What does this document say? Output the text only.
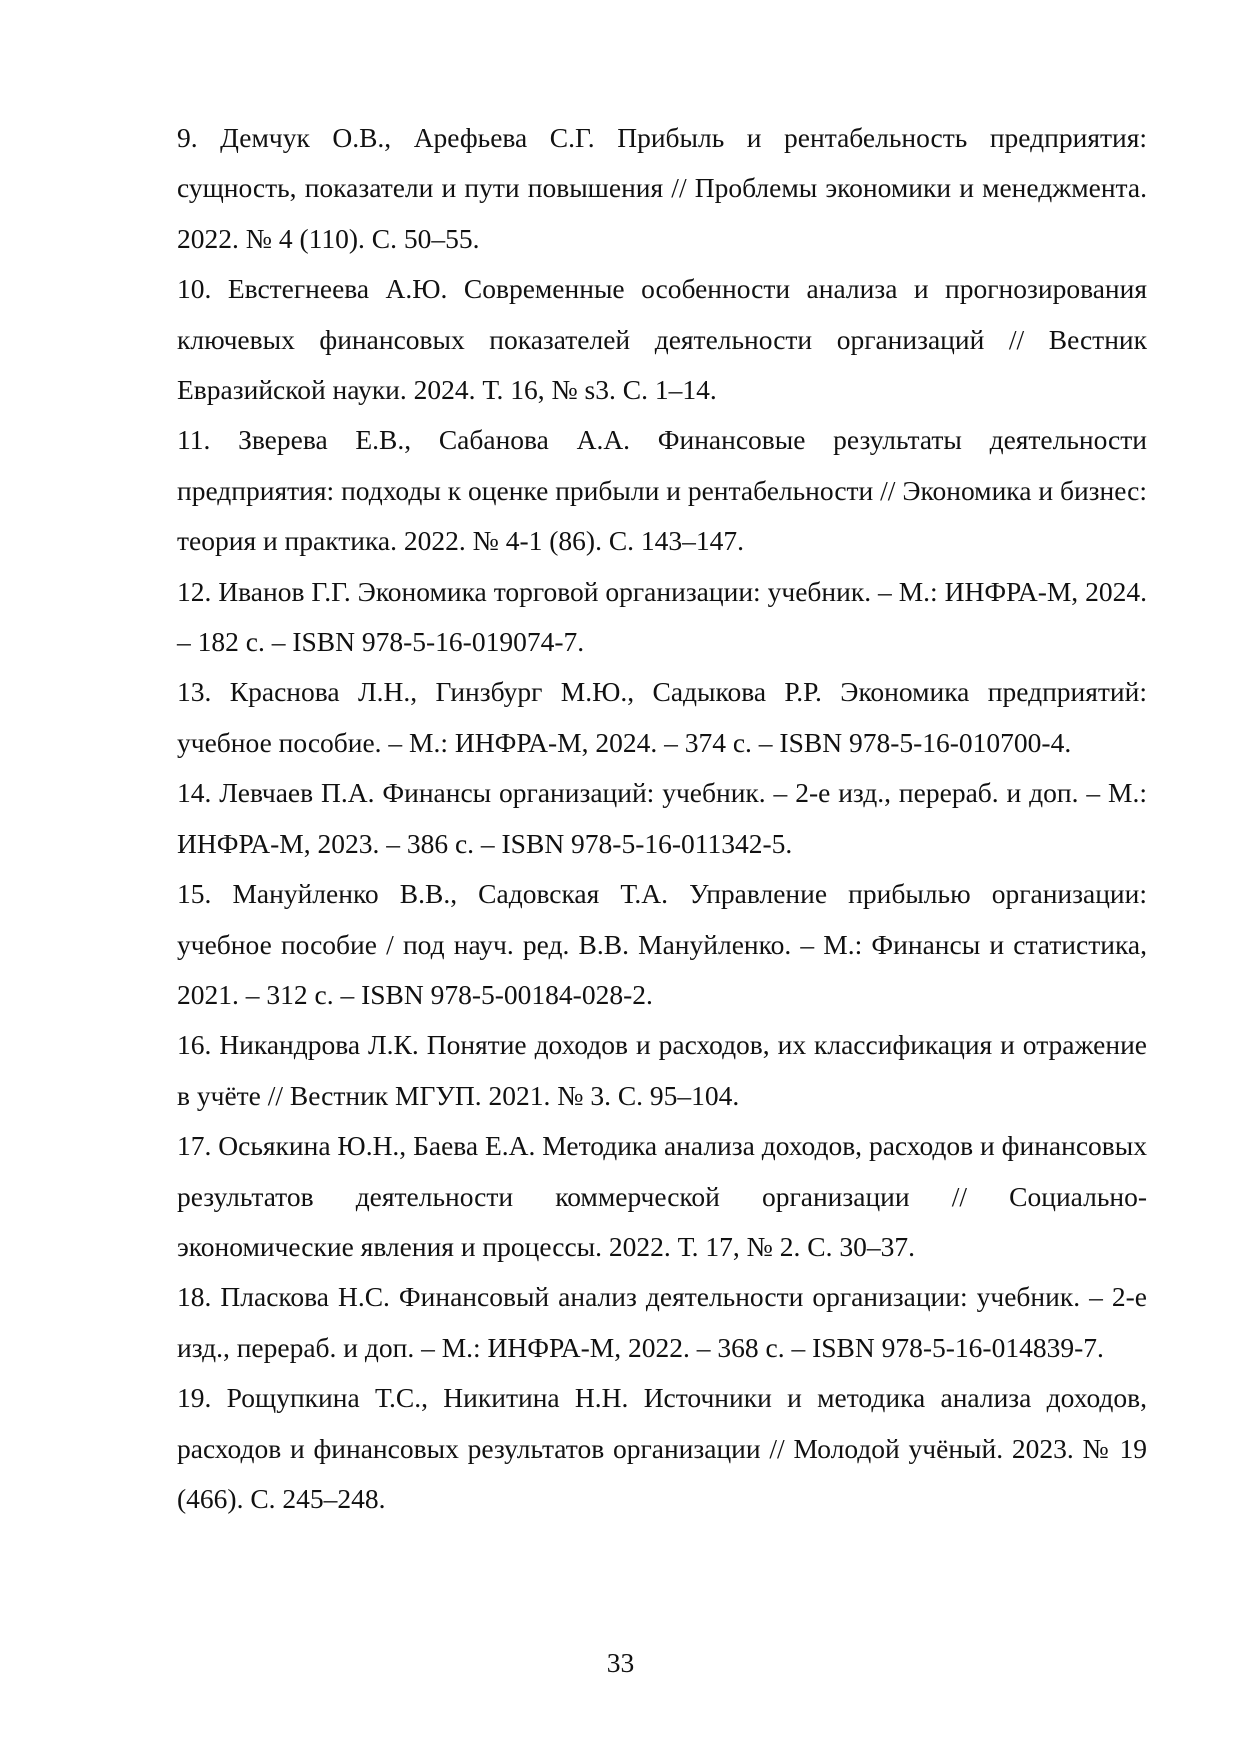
9. Демчук О.В., Арефьева С.Г. Прибыль и рентабельность предприятия: сущность, показатели и пути повышения // Проблемы экономики и менеджмента. 2022. № 4 (110). С. 50–55.
10. Евстегнеева А.Ю. Современные особенности анализа и прогнозирования ключевых финансовых показателей деятельности организаций // Вестник Евразийской науки. 2024. Т. 16, № s3. С. 1–14.
11. Зверева Е.В., Сабанова А.А. Финансовые результаты деятельности предприятия: подходы к оценке прибыли и рентабельности // Экономика и бизнес: теория и практика. 2022. № 4-1 (86). С. 143–147.
12. Иванов Г.Г. Экономика торговой организации: учебник. – М.: ИНФРА-М, 2024. – 182 с. – ISBN 978-5-16-019074-7.
13. Краснова Л.Н., Гинзбург М.Ю., Садыкова Р.Р. Экономика предприятий: учебное пособие. – М.: ИНФРА-М, 2024. – 374 с. – ISBN 978-5-16-010700-4.
14. Левчаев П.А. Финансы организаций: учебник. – 2-е изд., перераб. и доп. – М.: ИНФРА-М, 2023. – 386 с. – ISBN 978-5-16-011342-5.
15. Мануйленко В.В., Садовская Т.А. Управление прибылью организации: учебное пособие / под науч. ред. В.В. Мануйленко. – М.: Финансы и статистика, 2021. – 312 с. – ISBN 978-5-00184-028-2.
16. Никандрова Л.К. Понятие доходов и расходов, их классификация и отражение в учёте // Вестник МГУП. 2021. № 3. С. 95–104.
17. Осьякина Ю.Н., Баева Е.А. Методика анализа доходов, расходов и финансовых результатов деятельности коммерческой организации // Социально-экономические явления и процессы. 2022. Т. 17, № 2. С. 30–37.
18. Пласкова Н.С. Финансовый анализ деятельности организации: учебник. – 2-е изд., перераб. и доп. – М.: ИНФРА-М, 2022. – 368 с. – ISBN 978-5-16-014839-7.
19. Рощупкина Т.С., Никитина Н.Н. Источники и методика анализа доходов, расходов и финансовых результатов организации // Молодой учёный. 2023. № 19 (466). С. 245–248.
33
